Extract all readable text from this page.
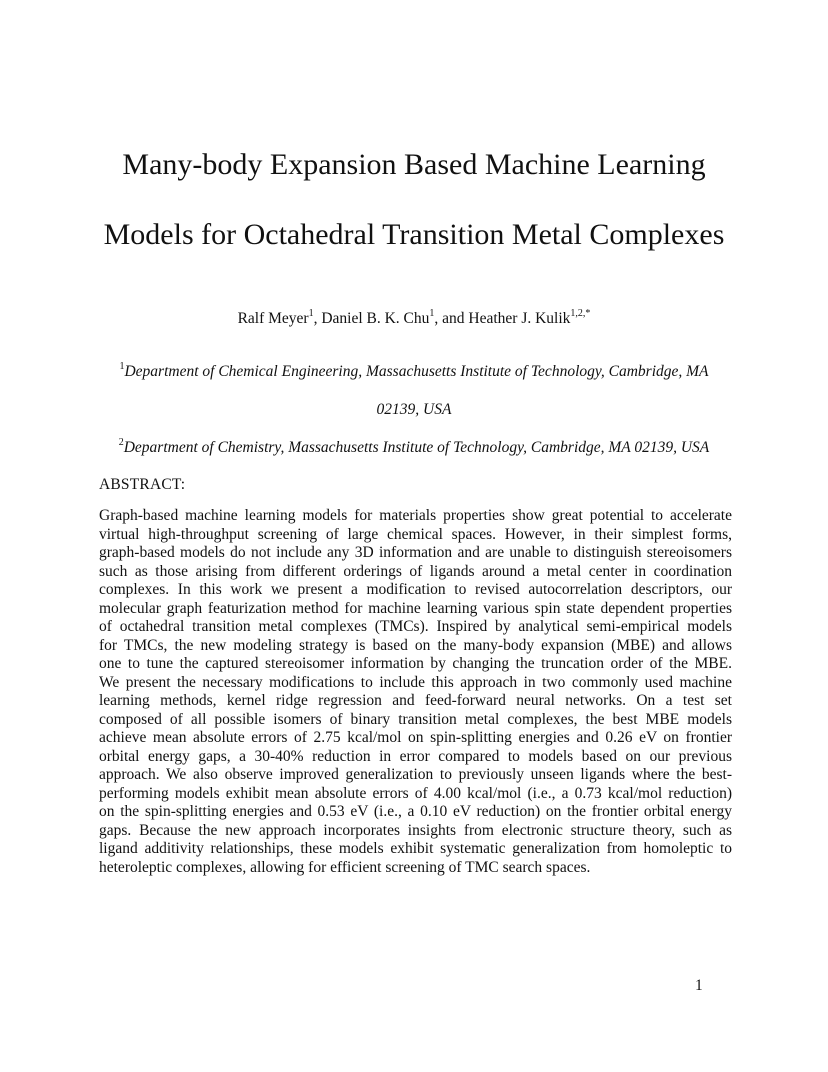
Many-body Expansion Based Machine Learning
Models for Octahedral Transition Metal Complexes
Ralf Meyer$^1$, Daniel B. K. Chu$^1$, and Heather J. Kulik$^{1,2,*}$
$^1$Department of Chemical Engineering, Massachusetts Institute of Technology, Cambridge, MA
02139, USA
$^2$Department of Chemistry, Massachusetts Institute of Technology, Cambridge, MA 02139, USA
ABSTRACT:
Graph-based machine learning models for materials properties show great potential to accelerate
virtual high-throughput screening of large chemical spaces. However, in their simplest forms,
graph-based models do not include any 3D information and are unable to distinguish stereoisomers
such as those arising from different orderings of ligands around a metal center in coordination
complexes. In this work we present a modification to revised autocorrelation descriptors, our
molecular graph featurization method for machine learning various spin state dependent properties
of octahedral transition metal complexes (TMCs). Inspired by analytical semi-empirical models
for TMCs, the new modeling strategy is based on the many-body expansion (MBE) and allows
one to tune the captured stereoisomer information by changing the truncation order of the MBE.
We present the necessary modifications to include this approach in two commonly used machine
learning methods, kernel ridge regression and feed-forward neural networks. On a test set
composed of all possible isomers of binary transition metal complexes, the best MBE models
achieve mean absolute errors of 2.75 kcal/mol on spin-splitting energies and 0.26 eV on frontier
orbital energy gaps, a 30-40% reduction in error compared to models based on our previous
approach. We also observe improved generalization to previously unseen ligands where the best-
performing models exhibit mean absolute errors of 4.00 kcal/mol (i.e., a 0.73 kcal/mol reduction)
on the spin-splitting energies and 0.53 eV (i.e., a 0.10 eV reduction) on the frontier orbital energy
gaps. Because the new approach incorporates insights from electronic structure theory, such as
ligand additivity relationships, these models exhibit systematic generalization from homoleptic to
heteroleptic complexes, allowing for efficient screening of TMC search spaces.
1
